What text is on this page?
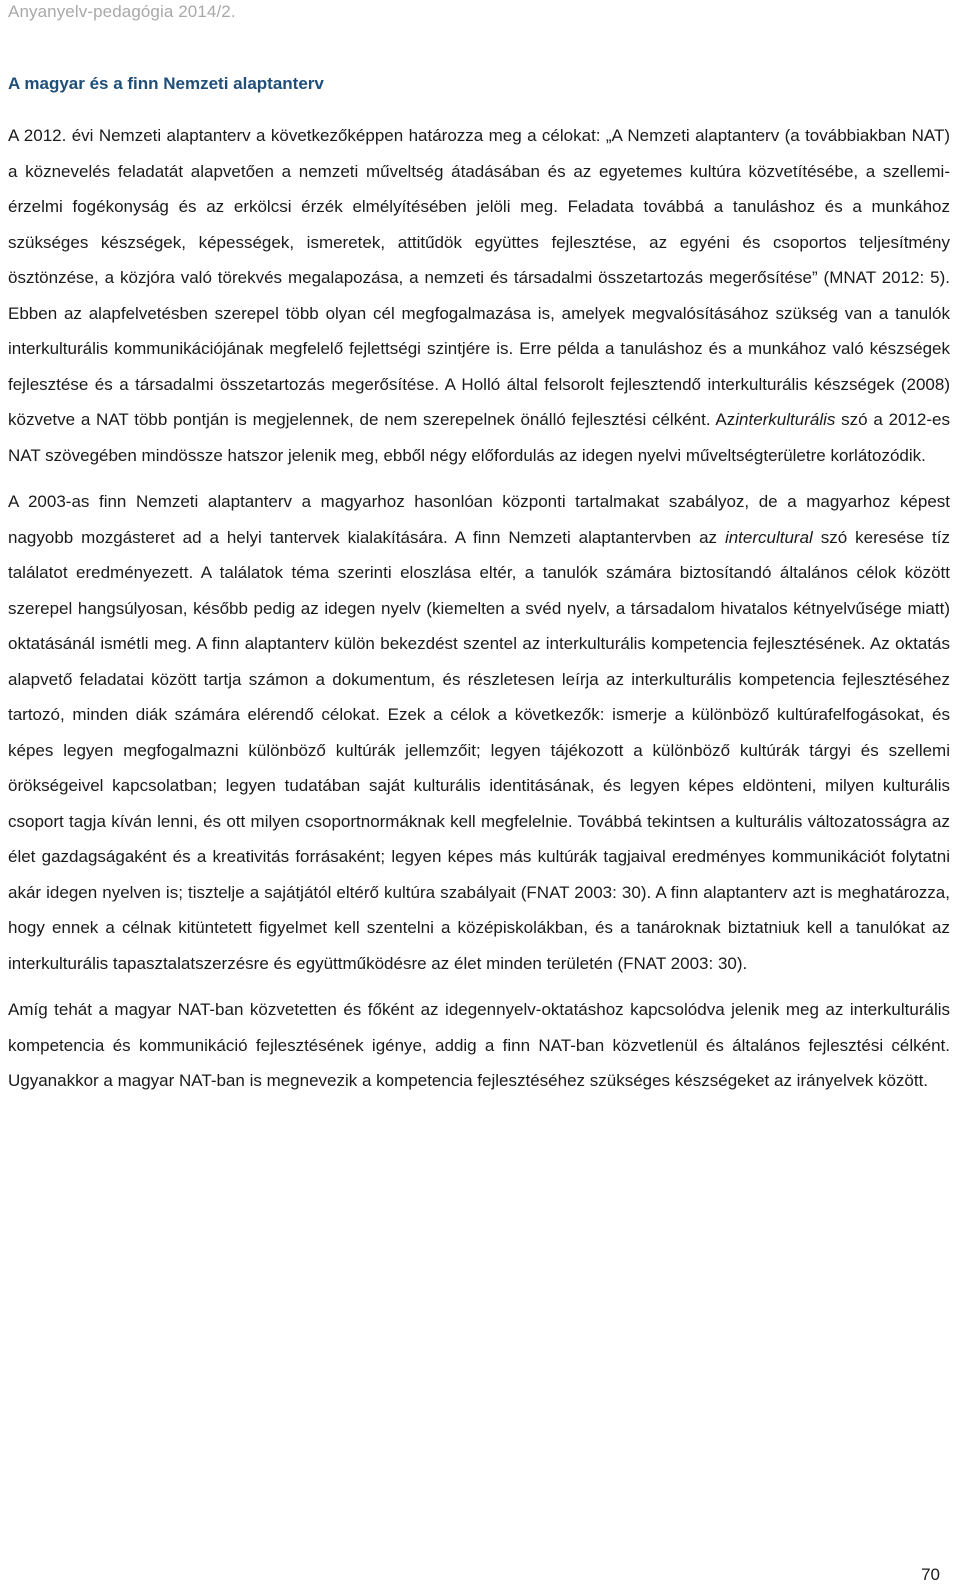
Anyanyelv-pedagógia 2014/2.
A magyar és a finn Nemzeti alaptanterv

A 2012. évi Nemzeti alaptanterv a következőképpen határozza meg a célokat: „A Nemzeti alaptanterv (a továbbiakban NAT) a köznevelés feladatát alapvetően a nemzeti műveltség átadásában és az egyetemes kultúra közvetítésébe, a szellemi-érzelmi fogékonyság és az erkölcsi érzék elmélyítésében jelöli meg. Feladata továbbá a tanuláshoz és a munkához szükséges készségek, képességek, ismeretek, attitűdök együttes fejlesztése, az egyéni és csoportos teljesítmény ösztönzése, a közjóra való törekvés megalapozása, a nemzeti és társadalmi összetartozás megerősítése” (MNAT 2012: 5). Ebben az alapfelvetésben szerepel több olyan cél megfogalmazása is, amelyek megvalósításához szükség van a tanulók interkulturális kommunikációjának megfelelő fejlettségi szintjére is. Erre példa a tanuláshoz és a munkához való készségek fejlesztése és a társadalmi összetartozás megerősítése. A Holló által felsorolt fejlesztendő interkulturális készségek (2008) közvetve a NAT több pontján is megjelennek, de nem szerepelnek önálló fejlesztési célként. Azinterkulturális szó a 2012-es NAT szövegében mindössze hatszor jelenik meg, ebből négy előfordulás az idegen nyelvi műveltségterületre korlátozódik.

A 2003-as finn Nemzeti alaptanterv a magyarhoz hasonlóan központi tartalmakat szabályoz, de a magyarhoz képest nagyobb mozgásteret ad a helyi tantervek kialakítására. A finn Nemzeti alaptantervben az intercultural szó keresése tíz találatot eredményezett. A találatok téma szerinti eloszlása eltér, a tanulók számára biztosítandó általános célok között szerepel hangsúlyosan, később pedig az idegen nyelv (kiemelten a svéd nyelv, a társadalom hivatalos kétnyelvűsége miatt) oktatásánál ismétli meg. A finn alaptanterv külön bekezdést szentel az interkulturális kompetencia fejlesztésének. Az oktatás alapvető feladatai között tartja számon a dokumentum, és részletesen leírja az interkulturális kompetencia fejlesztéséhez tartozó, minden diák számára elérendő célokat. Ezek a célok a következők: ismerje a különböző kultúrafelfogásokat, és képes legyen megfogalmazni különböző kultúrák jellemzőit; legyen tájékozott a különböző kultúrák tárgyi és szellemi örökségeivel kapcsolatban; legyen tudatában saját kulturális identitásának, és legyen képes eldönteni, milyen kulturális csoport tagja kíván lenni, és ott milyen csoportnormáknak kell megfelelnie. Továbbá tekintsen a kulturális változatosságra az élet gazdagságaként és a kreativitás forrásaként; legyen képes más kultúrák tagjaival eredményes kommunikációt folytatni akár idegen nyelven is; tisztelje a sajátjától eltérő kultúra szabályait (FNAT 2003: 30). A finn alaptanterv azt is meghatározza, hogy ennek a célnak kitüntetett figyelmet kell szentelni a középiskolákban, és a tanároknak biztatniuk kell a tanulókat az interkulturális tapasztalatszerzésre és együttműködésre az élet minden területén (FNAT 2003: 30).

Amíg tehát a magyar NAT-ban közvetetten és főként az idegennyelv-oktatáshoz kapcsolódva jelenik meg az interkulturális kompetencia és kommunikáció fejlesztésének igénye, addig a finn NAT-ban közvetlenül és általános fejlesztési célként. Ugyanakkor a magyar NAT-ban is megnevezik a kompetencia fejlesztéséhez szükséges készségeket az irányelvek között.

70
